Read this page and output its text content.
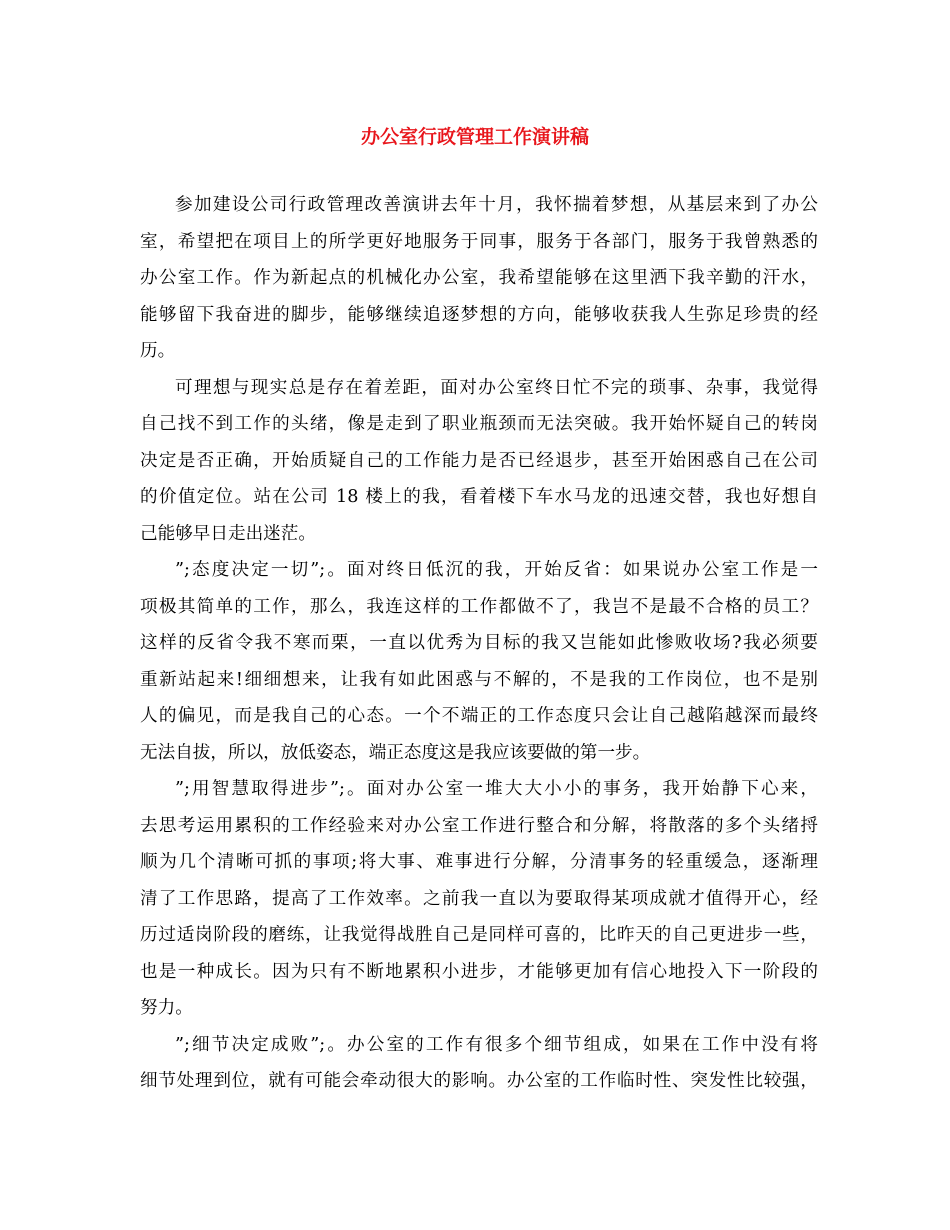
办公室行政管理工作演讲稿
参加建设公司行政管理改善演讲去年十月，我怀揣着梦想，从基层来到了办公
室，希望把在项目上的所学更好地服务于同事，服务于各部门，服务于我曾熟悉的
办公室工作。作为新起点的机械化办公室，我希望能够在这里洒下我辛勤的汗水，
能够留下我奋进的脚步，能够继续追逐梦想的方向，能够收获我人生弥足珍贵的经
历。
可理想与现实总是存在着差距，面对办公室终日忙不完的琐事、杂事，我觉得
自己找不到工作的头绪，像是走到了职业瓶颈而无法突破。我开始怀疑自己的转岗
决定是否正确，开始质疑自己的工作能力是否已经退步，甚至开始困惑自己在公司
的价值定位。站在公司 18 楼上的我，看着楼下车水马龙的迅速交替，我也好想自
己能够早日走出迷茫。
”;态度决定一切”;。面对终日低沉的我，开始反省：如果说办公室工作是一
项极其简单的工作，那么，我连这样的工作都做不了，我岂不是最不合格的员工？
这样的反省令我不寒而栗，一直以优秀为目标的我又岂能如此惨败收场?我必须要
重新站起来!细细想来，让我有如此困惑与不解的，不是我的工作岗位，也不是别
人的偏见，而是我自己的心态。一个不端正的工作态度只会让自己越陷越深而最终
无法自拔，所以，放低姿态，端正态度这是我应该要做的第一步。
”;用智慧取得进步”;。面对办公室一堆大大小小的事务，我开始静下心来，
去思考运用累积的工作经验来对办公室工作进行整合和分解，将散落的多个头绪捋
顺为几个清晰可抓的事项;将大事、难事进行分解，分清事务的轻重缓急，逐渐理
清了工作思路，提高了工作效率。之前我一直以为要取得某项成就才值得开心，经
历过适岗阶段的磨练，让我觉得战胜自己是同样可喜的，比昨天的自己更进步一些，
也是一种成长。因为只有不断地累积小进步，才能够更加有信心地投入下一阶段的
努力。
”;细节决定成败”;。办公室的工作有很多个细节组成，如果在工作中没有将
细节处理到位，就有可能会牵动很大的影响。办公室的工作临时性、突发性比较强，
